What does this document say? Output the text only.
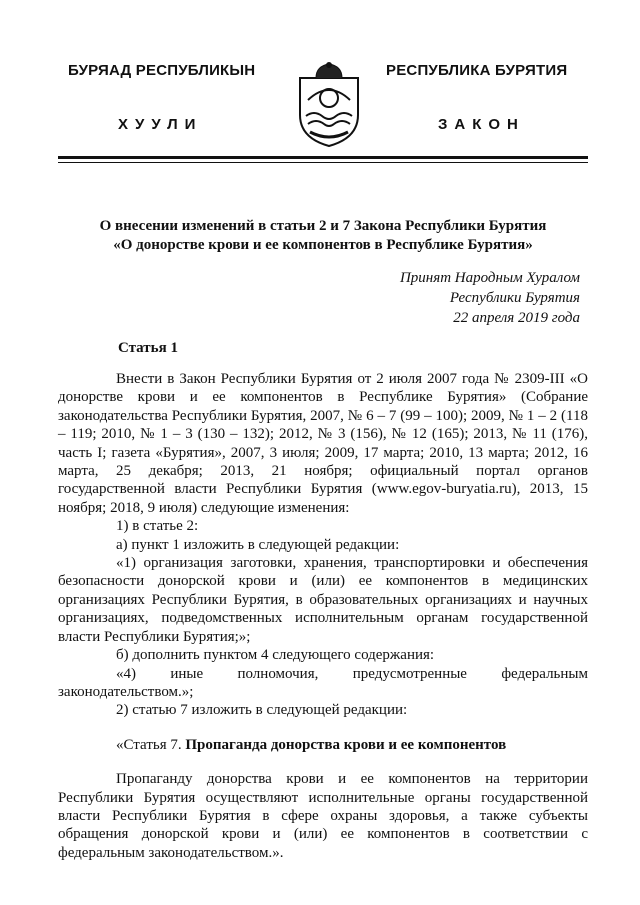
БУРЯАД РЕСПУБЛИКЫН
ХУУЛИ
РЕСПУБЛИКА БУРЯТИЯ
ЗАКОН
О внесении изменений в статьи 2 и 7 Закона Республики Бурятия
«О донорстве крови и ее компонентов в Республике Бурятия»
Принят Народным Хуралом
Республики Бурятия
22 апреля 2019 года
Статья 1

Внести в Закон Республики Бурятия от 2 июля 2007 года № 2309-III «О донорстве крови и ее компонентов в Республике Бурятия» (Собрание законодательства Республики Бурятия, 2007, № 6 – 7 (99 – 100); 2009, № 1 – 2 (118 – 119; 2010, № 1 – 3 (130 – 132); 2012, № 3 (156), № 12 (165); 2013, № 11 (176), часть I; газета «Бурятия», 2007, 3 июля; 2009, 17 марта; 2010, 13 марта; 2012, 16 марта, 25 декабря; 2013, 21 ноября; официальный портал органов государственной власти Республики Бурятия (www.egov-buryatia.ru), 2013, 15 ноября; 2018, 9 июля) следующие изменения:

1) в статье 2:

а) пункт 1 изложить в следующей редакции:

«1) организация заготовки, хранения, транспортировки и обеспечения безопасности донорской крови и (или) ее компонентов в медицинских организациях Республики Бурятия, в образовательных организациях и научных организациях, подведомственных исполнительным органам государственной власти Республики Бурятия;»;

б) дополнить пунктом 4 следующего содержания:

«4) иные полномочия, предусмотренные федеральным законодательством.»;

2) статью 7 изложить в следующей редакции:

«Статья 7. Пропаганда донорства крови и ее компонентов

Пропаганду донорства крови и ее компонентов на территории Республики Бурятия осуществляют исполнительные органы государственной власти Республики Бурятия в сфере охраны здоровья, а также субъекты обращения донорской крови и (или) ее компонентов в соответствии с федеральным законодательством.».
